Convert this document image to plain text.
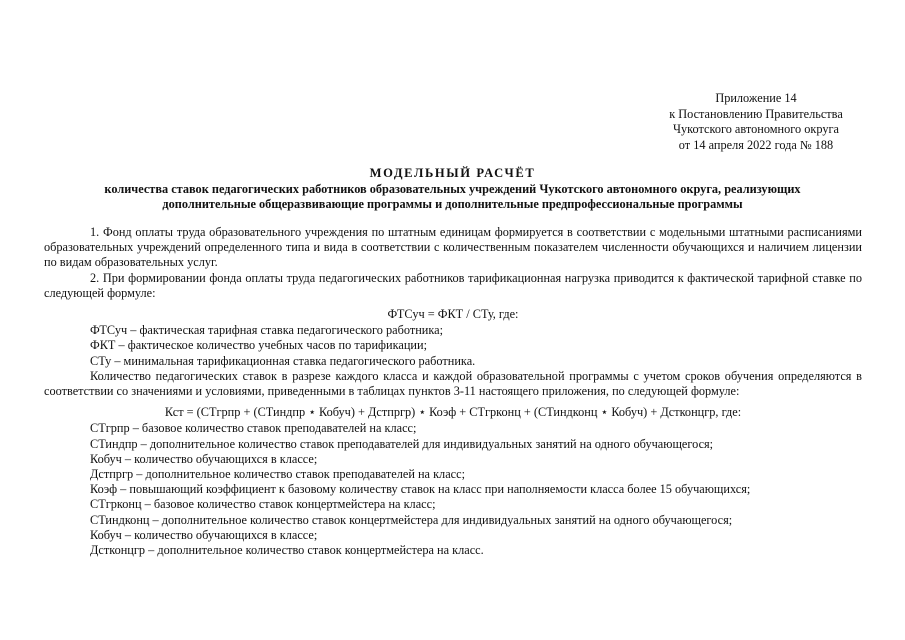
Приложение 14
к Постановлению Правительства
Чукотского автономного округа
от 14 апреля 2022 года № 188
МОДЕЛЬНЫЙ РАСЧЁТ
количества ставок педагогических работников образовательных учреждений Чукотского автономного округа, реализующих дополнительные общеразвивающие программы и дополнительные предпрофессиональные программы

1. Фонд оплаты труда образовательного учреждения по штатным единицам формируется в соответствии с модельными штатными расписаниями образовательных учреждений определенного типа и вида в соответствии с количественным показателем численности обучающихся и наличием лицензии по видам образовательных услуг.

2. При формировании фонда оплаты труда педагогических работников тарификационная нагрузка приводится к фактической тарифной ставке по следующей формуле:

ФТСуч = ФКТ / СТу, где:

ФТСуч – фактическая тарифная ставка педагогического работника;

ФКТ – фактическое количество учебных часов по тарификации;

СТу – минимальная тарификационная ставка педагогического работника.

Количество педагогических ставок в разрезе каждого класса и каждой образовательной программы с учетом сроков обучения определяются в соответствии со значениями и условиями, приведенными в таблицах пунктов 3-11 настоящего приложения, по следующей формуле:

Кст = (СТгрпр + (СТиндпр ⋆ Кобуч) + Дстпргр) ⋆ Коэф + СТгрконц + (СТиндконц ⋆ Кобуч) + Дстконцгр, где:

СТгрпр – базовое количество ставок преподавателей на класс;

СТиндпр – дополнительное количество ставок преподавателей для индивидуальных занятий на одного обучающегося;

Кобуч – количество обучающихся в классе;

Дстпргр – дополнительное количество ставок преподавателей на класс;

Коэф – повышающий коэффициент к базовому количеству ставок на класс при наполняемости класса более 15 обучающихся;

СТгрконц – базовое количество ставок концертмейстера на класс;

СТиндконц – дополнительное количество ставок концертмейстера для индивидуальных занятий на одного обучающегося;

Кобуч – количество обучающихся в классе;

Дстконцгр – дополнительное количество ставок концертмейстера на класс.
